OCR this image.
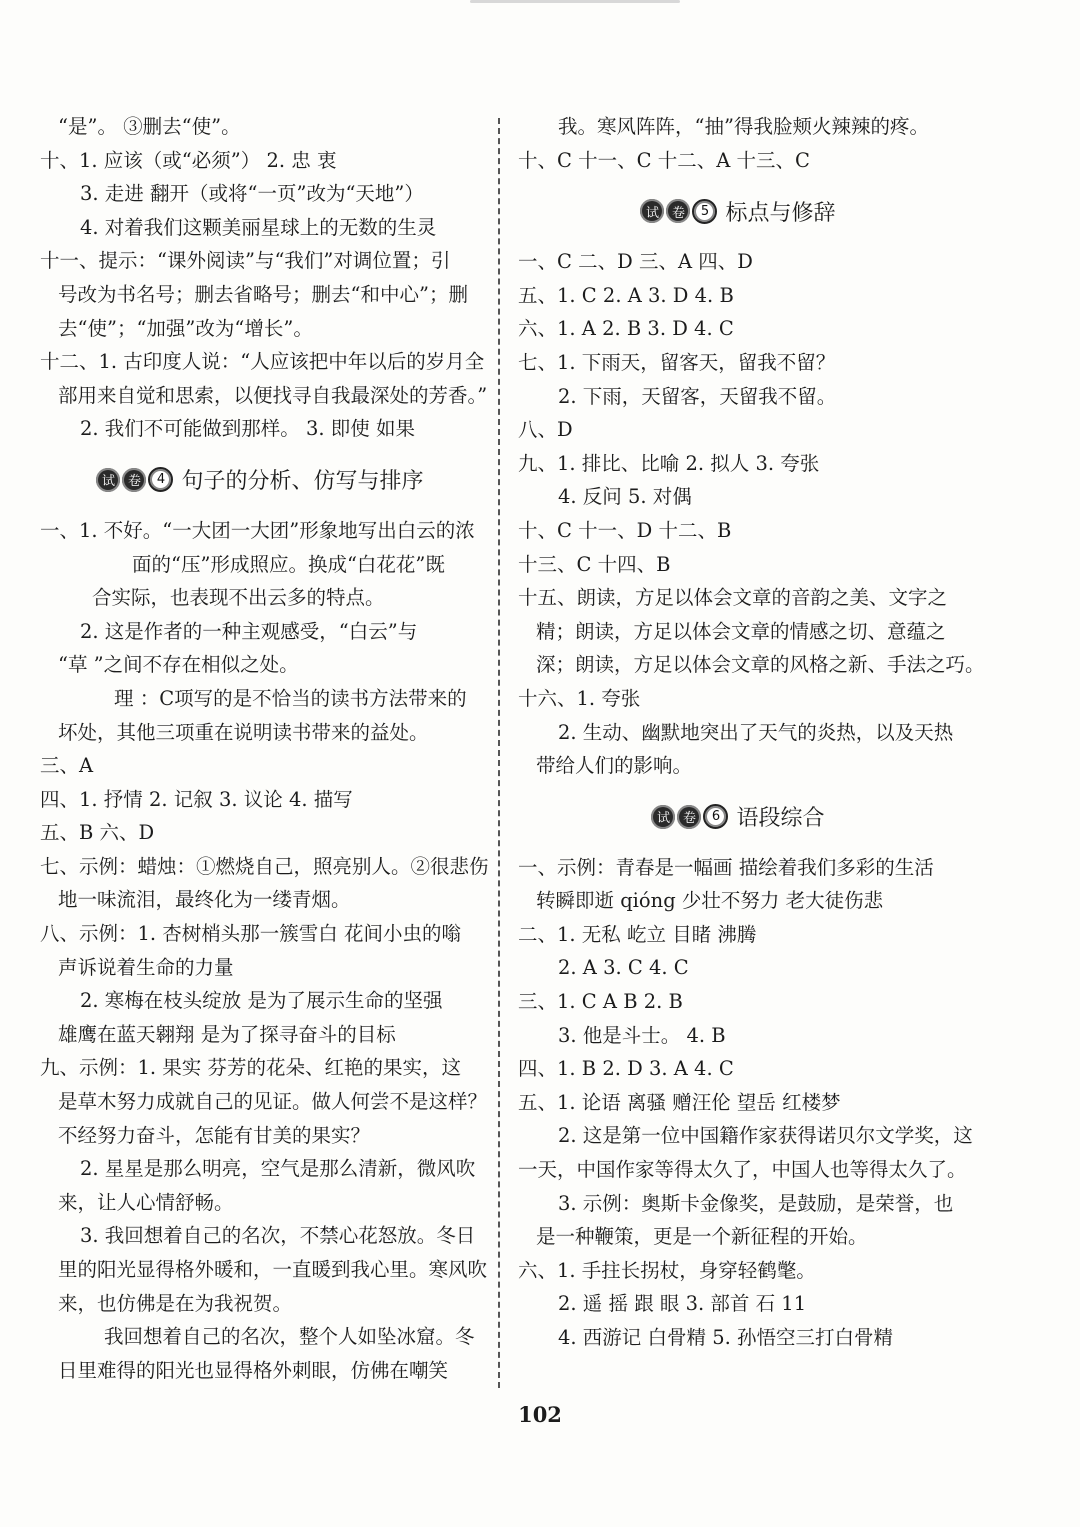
“是”。 ③删去“使”。
十、1. 应该（或“必须”） 2. 忠 衷
3. 走进 翻开（或将“一页”改为“天地”）
4. 对着我们这颗美丽星球上的无数的生灵
十一、提示：“课外阅读”与“我们”对调位置；引
号改为书名号；删去省略号；删去“和中心”；删
去“使”；“加强”改为“增长”。
十二、1. 古印度人说：“人应该把中年以后的岁月全
部用来自觉和思索，以便找寻自我最深处的芳香。”
2. 我们不可能做到那样。 3. 即使 如果
试 卷	4 句子的分析、仿写与排序
一、1. 不好。“一大团一大团”形象地写出白云的浓
面的“压”形成照应。换成“白花花”既
合实际，也表现不出云多的特点。
2. 这是作者的一种主观感受，“白云”与
“草 ”之间不存在相似之处。
理 ：C项写的是不恰当的读书方法带来的
坏处，其他三项重在说明读书带来的益处。
三、A
四、1. 抒情 2. 记叙 3. 议论 4. 描写
五、B 六、D
七、示例：蜡烛：①燃烧自己，照亮别人。②很悲伤
地一味流泪，最终化为一缕青烟。
八、示例：1. 杏树梢头那一簇雪白 花间小虫的嗡
声诉说着生命的力量
2. 寒梅在枝头绽放 是为了展示生命的坚强
雄鹰在蓝天翱翔 是为了探寻奋斗的目标
九、示例：1. 果实 芬芳的花朵、红艳的果实，这
是草木努力成就自己的见证。做人何尝不是这样？
不经努力奋斗，怎能有甘美的果实？
2. 星星是那么明亮，空气是那么清新，微风吹
来，让人心情舒畅。
3. 我回想着自己的名次，不禁心花怒放。冬日
里的阳光显得格外暖和，一直暖到我心里。寒风吹
来，也仿佛是在为我祝贺。
我回想着自己的名次，整个人如坠冰窟。冬
日里难得的阳光也显得格外刺眼，仿佛在嘲笑
我。寒风阵阵，“抽”得我脸颊火辣辣的疼。
十、C 十一、C 十二、A 十三、C
试 卷	5 标点与修辞
一、C 二、D 三、A 四、D
五、1. C 2. A 3. D 4. B
六、1. A 2. B 3. D 4. C
七、1. 下雨天，留客天，留我不留？
2. 下雨，天留客，天留我不留。
八、D
九、1. 排比、比喻 2. 拟人 3. 夸张
4. 反问 5. 对偶
十、C 十一、D 十二、B
十三、C 十四、B
十五、朗读，方足以体会文章的音韵之美、文字之
精；朗读，方足以体会文章的情感之切、意蕴之
深；朗读，方足以体会文章的风格之新、手法之巧。
十六、1. 夸张
2. 生动、幽默地突出了天气的炎热，以及天热
带给人们的影响。
试 卷	6 语段综合
一、示例：青春是一幅画 描绘着我们多彩的生活
转瞬即逝 qióng 少壮不努力 老大徒伤悲
二、1. 无私 屹立 目睹 沸腾
2. A 3. C 4. C
三、1. C A B 2. B
3. 他是斗士。 4. B
四、1. B 2. D 3. A 4. C
五、1. 论语 离骚 赠汪伦 望岳 红楼梦
2. 这是第一位中国籍作家获得诺贝尔文学奖，这
一天，中国作家等得太久了，中国人也等得太久了。
3. 示例：奥斯卡金像奖，是鼓励，是荣誉，也
是一种鞭策，更是一个新征程的开始。
六、1. 手拄长拐杖，身穿轻鹤氅。
2. 遥 摇 跟 眼 3. 部首 石 11
4. 西游记 白骨精 5. 孙悟空三打白骨精
102
